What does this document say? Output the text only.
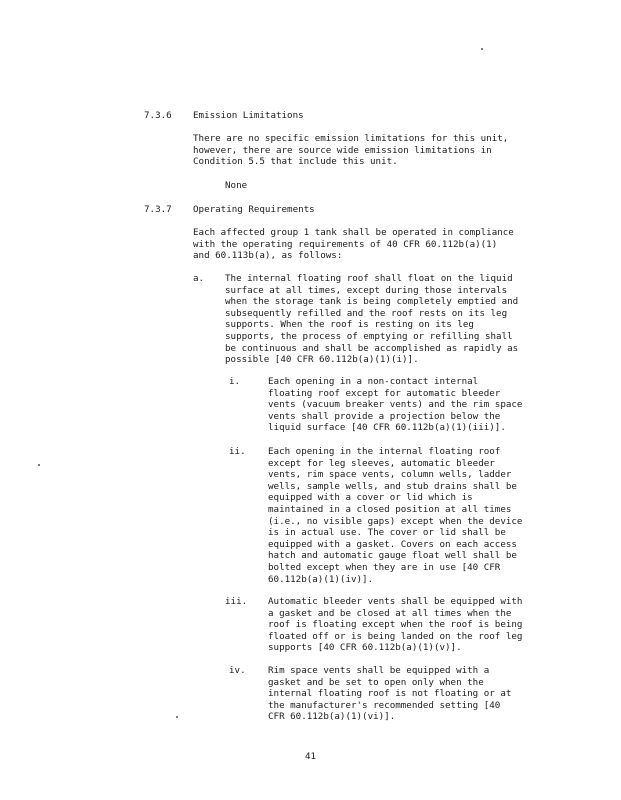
7.3.6 Emission Limitations

There are no specific emission limitations for this unit,
however, there are source wide emission limitations in
Condition 5.5 that include this unit.

None
7.3.7 Operating Requirements

Each affected group 1 tank shall be operated in compliance
with the operating requirements of 40 CFR 60.112b(a)(1)
and 60.113b(a), as follows:

a. The internal floating roof shall float on the liquid
surface at all times, except during those intervals
when the storage tank is being completely emptied and
subsequently refilled and the roof rests on its leg
supports. When the roof is resting on its leg
supports, the process of emptying or refilling shall
be continuous and shall be accomplished as rapidly as
possible [40 CFR 60.112b(a)(1)(i)].

i.	Each opening in a non-contact internal
floating roof except for automatic bleeder
vents (vacuum breaker vents) and the rim space
vents shall provide a projection below the
liquid surface [40 CFR 60.112b(a)(1)(iii)].

ii. Each opening in the internal floating roof
except for leg sleeves, automatic bleeder
vents, rim space vents, column wells, ladder
wells, sample wells, and stub drains shall be
equipped with a cover or lid which is
maintained in a closed position at all times
(i.e., no visible gaps) except when the device
is in actual use. The cover or lid shall be
equipped with a gasket. Covers on each access
hatch and automatic gauge float well shall be
bolted except when they are in use [40 CFR
60.112b(a)(1)(iv)].

iii. Automatic bleeder vents shall be equipped with
a gasket and be closed at all times when the
roof is floating except when the roof is being
floated off or is being landed on the roof leg
supports [40 CFR 60.112b(a)(1)(v)].

iv. Rim space vents shall be equipped with a
gasket and be set to open only when the
internal floating roof is not floating or at
the manufacturer's recommended setting [40
CFR 60.112b(a)(1)(vi)].

41
